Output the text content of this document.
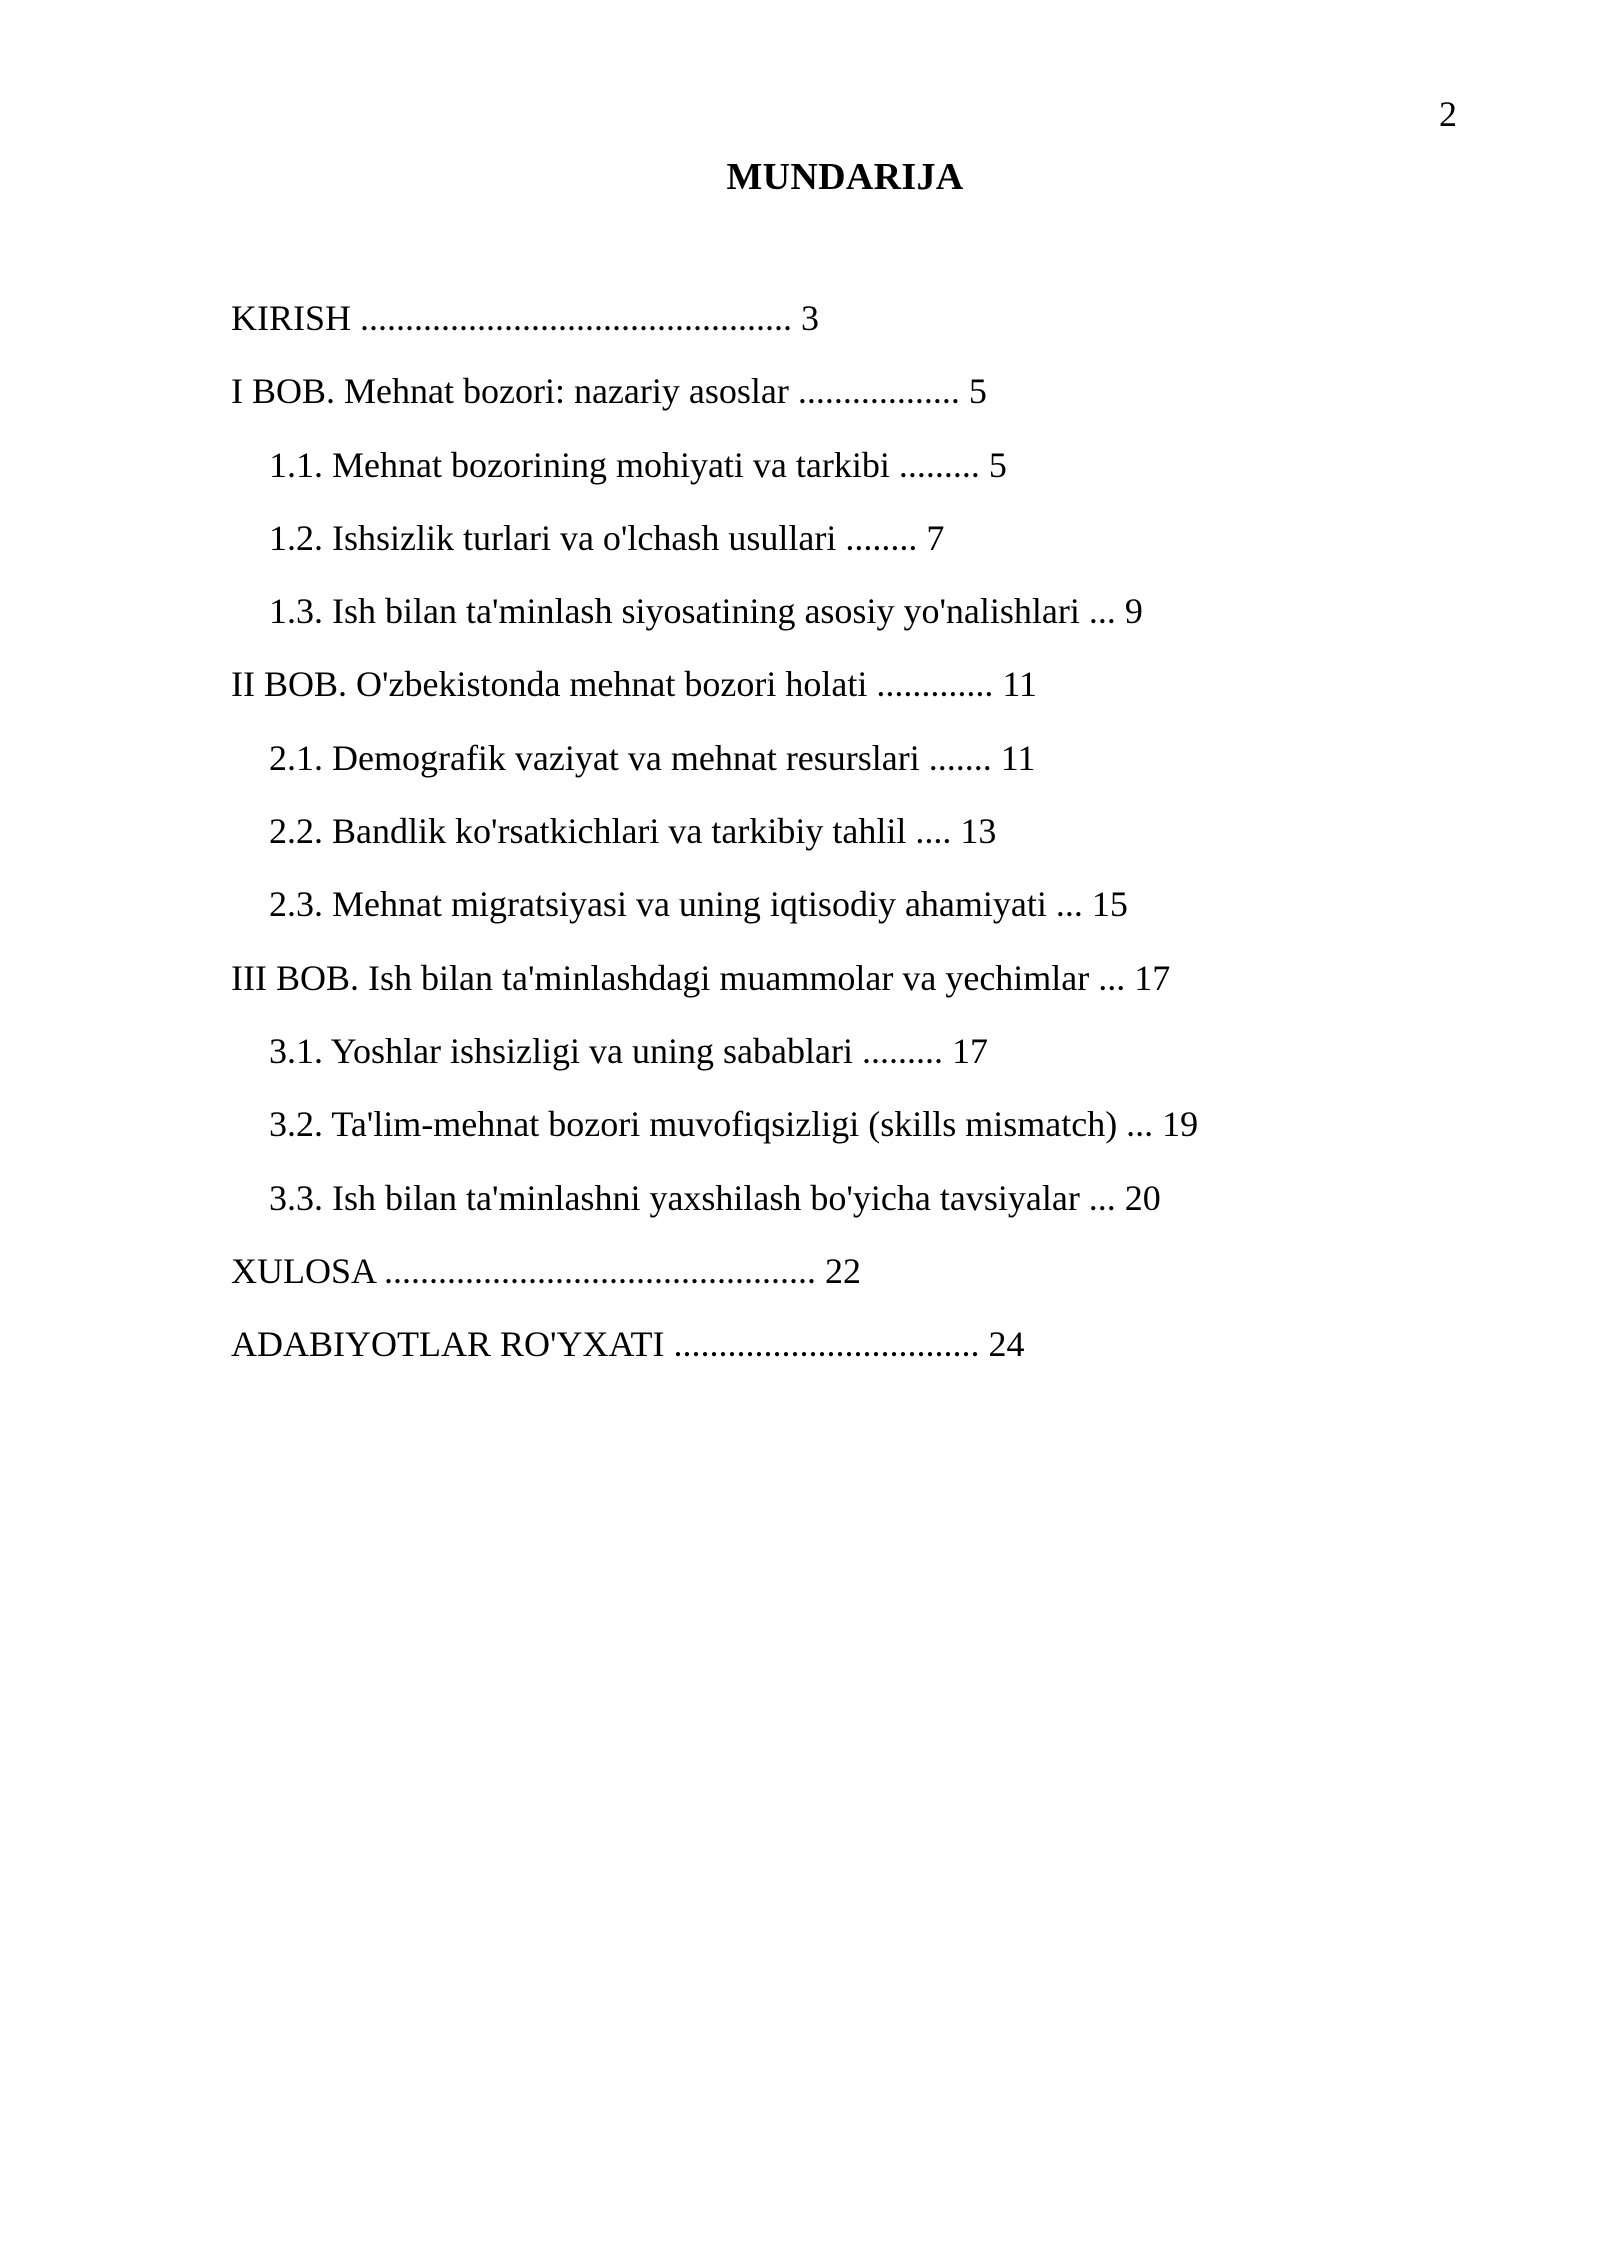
2
MUNDARIJA
KIRISH ................................................ 3
I BOB. Mehnat bozori: nazariy asoslar .................. 5
1.1. Mehnat bozorining mohiyati va tarkibi ......... 5
1.2. Ishsizlik turlari va o'lchash usullari ........ 7
1.3. Ish bilan ta'minlash siyosatining asosiy yo'nalishlari ... 9
II BOB. O'zbekistonda mehnat bozori holati ............. 11
2.1. Demografik vaziyat va mehnat resurslari ....... 11
2.2. Bandlik ko'rsatkichlari va tarkibiy tahlil .... 13
2.3. Mehnat migratsiyasi va uning iqtisodiy ahamiyati ... 15
III BOB. Ish bilan ta'minlashdagi muammolar va yechimlar ... 17
3.1. Yoshlar ishsizligi va uning sabablari ......... 17
3.2. Ta'lim-mehnat bozori muvofiqsizligi (skills mismatch) ... 19
3.3. Ish bilan ta'minlashni yaxshilash bo'yicha tavsiyalar ... 20
XULOSA ................................................ 22
ADABIYOTLAR RO'YXATI .................................. 24
